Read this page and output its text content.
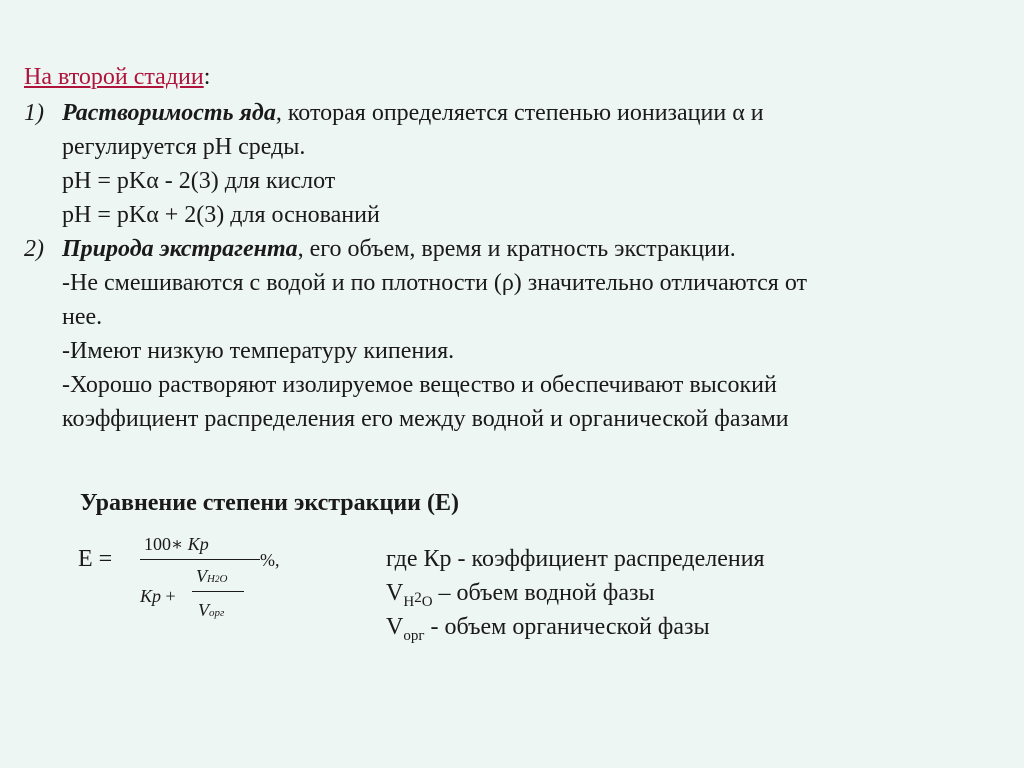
На второй стадии:
1) Растворимость яда, которая определяется степенью ионизации α и
регулируется pH среды.
pH = pKα - 2(3) для кислот
pH = pKα + 2(3) для оснований
2) Природа экстрагента, его объем, время и кратность экстракции.
-Не смешиваются с водой и по плотности (ρ) значительно отличаются от
нее.
-Имеют низкую температуру кипения.
-Хорошо растворяют изолируемое вещество и обеспечивают высокий
коэффициент распределения его между водной и органической фазами
Уравнение степени экстракции (Е)
Е =
100∗ Kp
%,
Kp +
VH2O
Vорг
где Кр - коэффициент распределения
$V_{H^2O}$ – объем водной фазы
$V_{орг}$ - объем органической фазы
